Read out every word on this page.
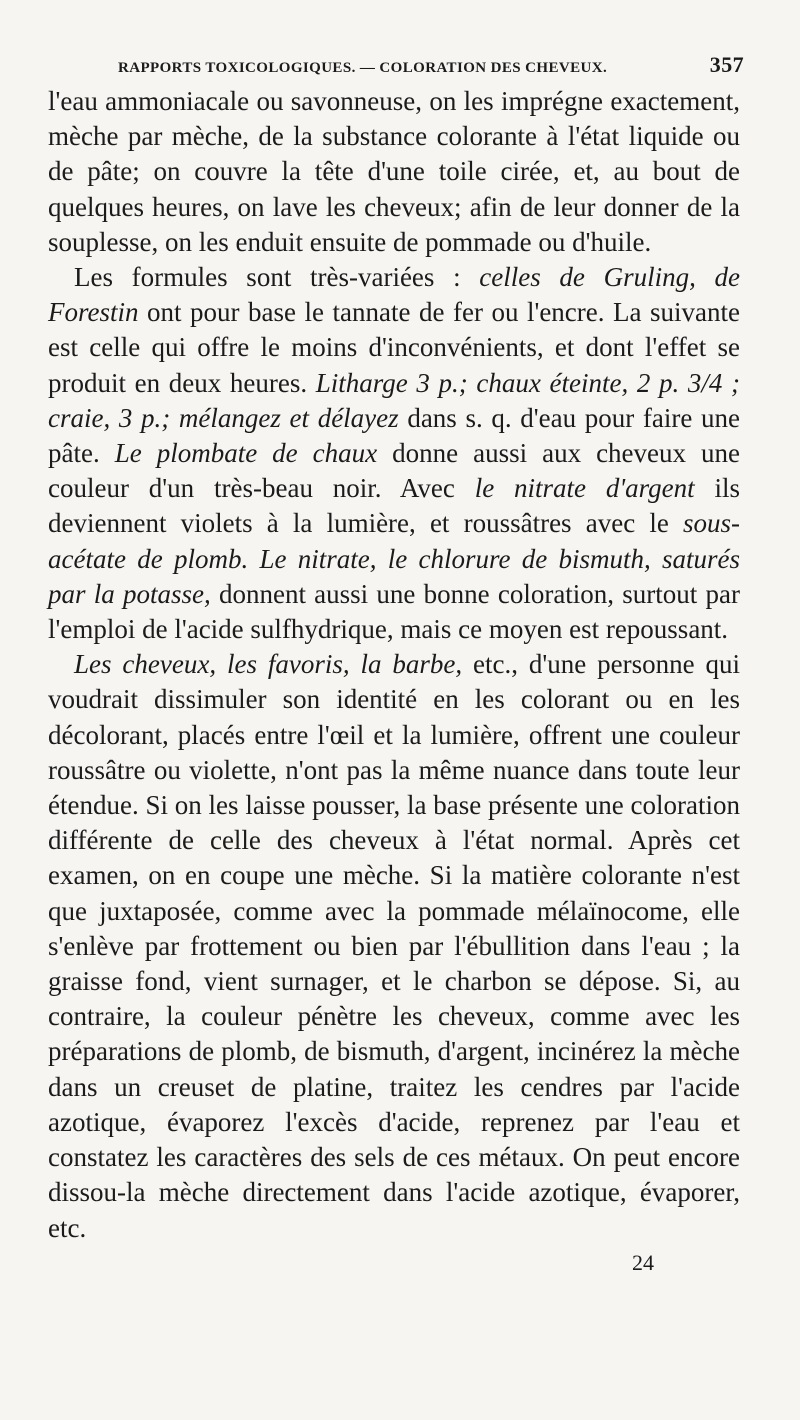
RAPPORTS TOXICOLOGIQUES. — COLORATION DES CHEVEUX.	357

l'eau ammoniacale ou savonneuse, on les imprégne exactement, mèche par mèche, de la substance colorante à l'état liquide ou de pâte; on couvre la tête d'une toile cirée, et, au bout de quelques heures, on lave les cheveux; afin de leur donner de la souplesse, on les enduit ensuite de pommade ou d'huile.

Les formules sont très-variées : celles de Gruling, de Forestin ont pour base le tannate de fer ou l'encre. La suivante est celle qui offre le moins d'inconvénients, et dont l'effet se produit en deux heures. Litharge 3 p.; chaux éteinte, 2 p. 3/4 ; craie, 3 p.; mélangez et délayez dans s. q. d'eau pour faire une pâte. Le plombate de chaux donne aussi aux cheveux une couleur d'un très-beau noir. Avec le nitrate d'argent ils deviennent violets à la lumière, et roussâtres avec le sous-acétate de plomb. Le nitrate, le chlorure de bismuth, saturés par la potasse, donnent aussi une bonne coloration, surtout par l'emploi de l'acide sulfhydrique, mais ce moyen est repoussant.

Les cheveux, les favoris, la barbe, etc., d'une personne qui voudrait dissimuler son identité en les colorant ou en les décolorant, placés entre l'œil et la lumière, offrent une couleur roussâtre ou violette, n'ont pas la même nuance dans toute leur étendue. Si on les laisse pousser, la base présente une coloration différente de celle des cheveux à l'état normal. Après cet examen, on en coupe une mèche. Si la matière colorante n'est que juxtaposée, comme avec la pommade mélaïnocome, elle s'enlève par frottement ou bien par l'ébullition dans l'eau ; la graisse fond, vient surnager, et le charbon se dépose. Si, au contraire, la couleur pénètre les cheveux, comme avec les préparations de plomb, de bismuth, d'argent, incinérez la mèche dans un creuset de platine, traitez les cendres par l'acide azotique, évaporez l'excès d'acide, reprenez par l'eau et constatez les caractères des sels de ces métaux. On peut encore dissou-la mèche directement dans l'acide azotique, évaporer, etc.

24
